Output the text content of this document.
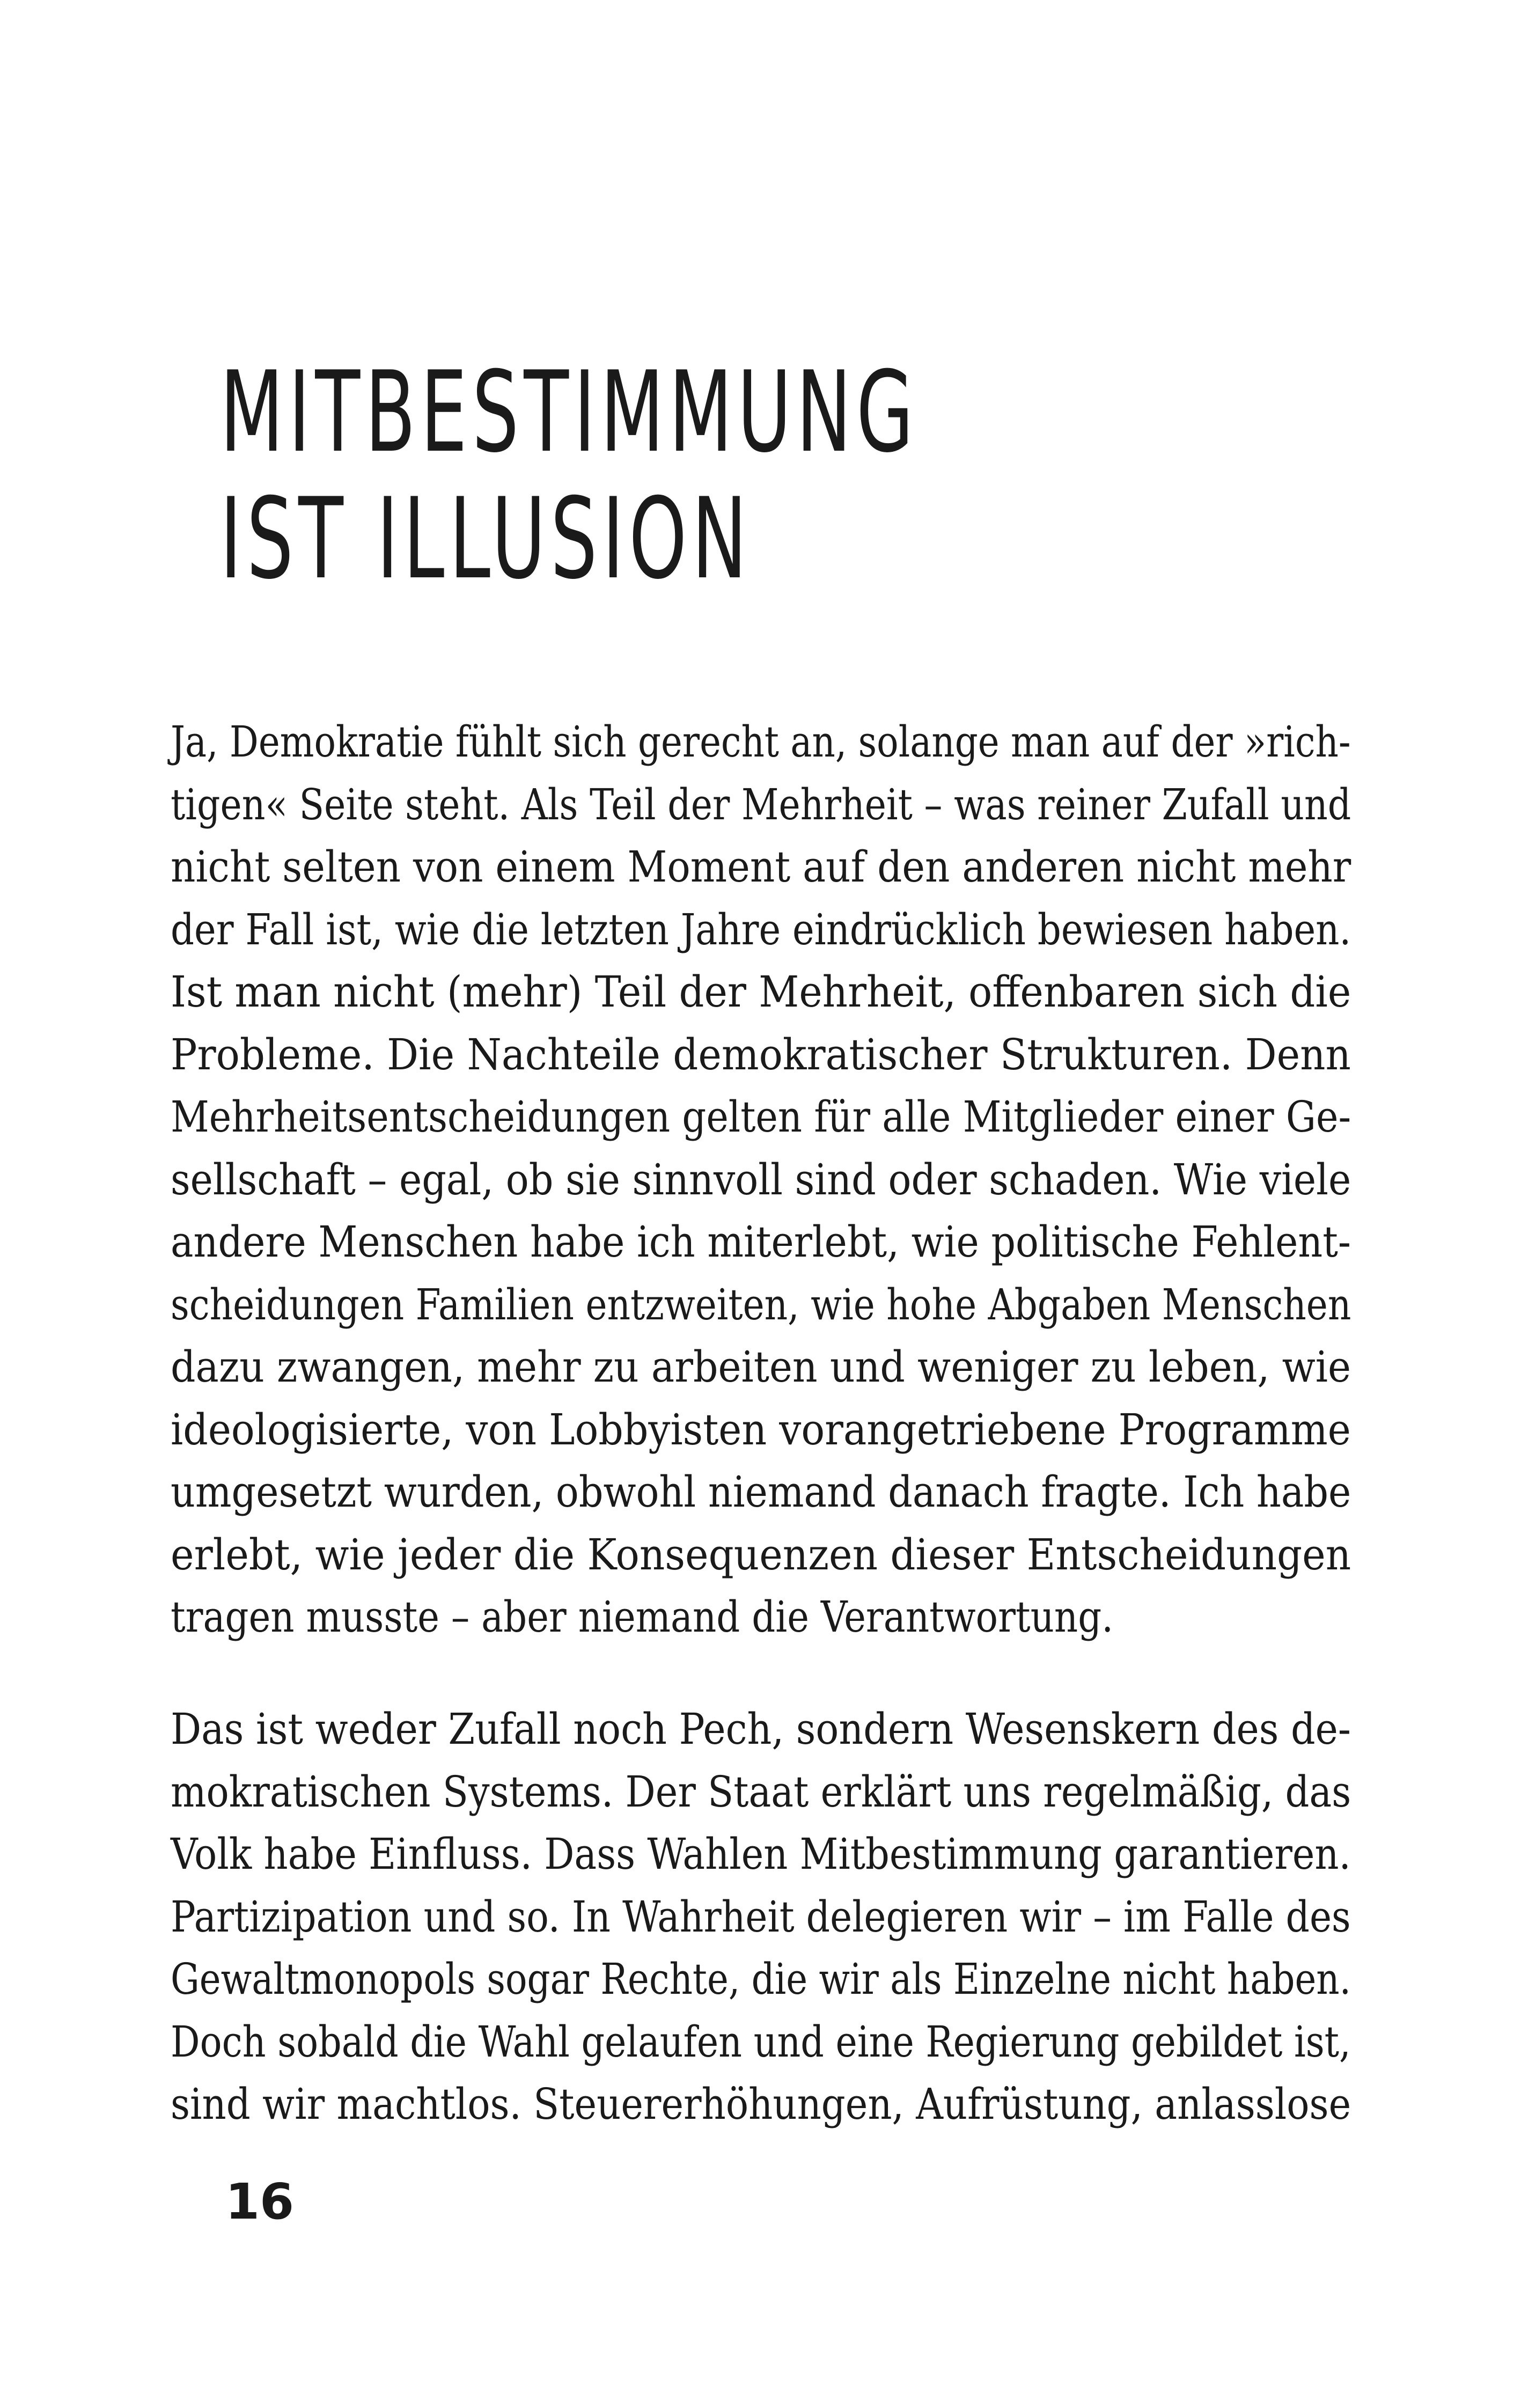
MITBESTIMMUNG
IST ILLUSION
Ja, Demokratie fühlt sich gerecht an, solange man auf der »rich-
tigen« Seite steht. Als Teil der Mehrheit – was reiner Zufall und
nicht selten von einem Moment auf den anderen nicht mehr
der Fall ist, wie die letzten Jahre eindrücklich bewiesen haben.
Ist man nicht (mehr) Teil der Mehrheit, offenbaren sich die
Probleme. Die Nachteile demokratischer Strukturen. Denn
Mehrheitsentscheidungen gelten für alle Mitglieder einer Ge-
sellschaft – egal, ob sie sinnvoll sind oder schaden. Wie viele
andere Menschen habe ich miterlebt, wie politische Fehlent-
scheidungen Familien entzweiten, wie hohe Abgaben Menschen
dazu zwangen, mehr zu arbeiten und weniger zu leben, wie
ideologisierte, von Lobbyisten vorangetriebene Programme
umgesetzt wurden, obwohl niemand danach fragte. Ich habe
erlebt, wie jeder die Konsequenzen dieser Entscheidungen
tragen musste – aber niemand die Verantwortung.
Das ist weder Zufall noch Pech, sondern Wesenskern des de-
mokratischen Systems. Der Staat erklärt uns regelmäßig, das
Volk habe Einfluss. Dass Wahlen Mitbestimmung garantieren.
Partizipation und so. In Wahrheit delegieren wir – im Falle des
Gewaltmonopols sogar Rechte, die wir als Einzelne nicht haben.
Doch sobald die Wahl gelaufen und eine Regierung gebildet ist,
sind wir machtlos. Steuererhöhungen, Aufrüstung, anlasslose
16
